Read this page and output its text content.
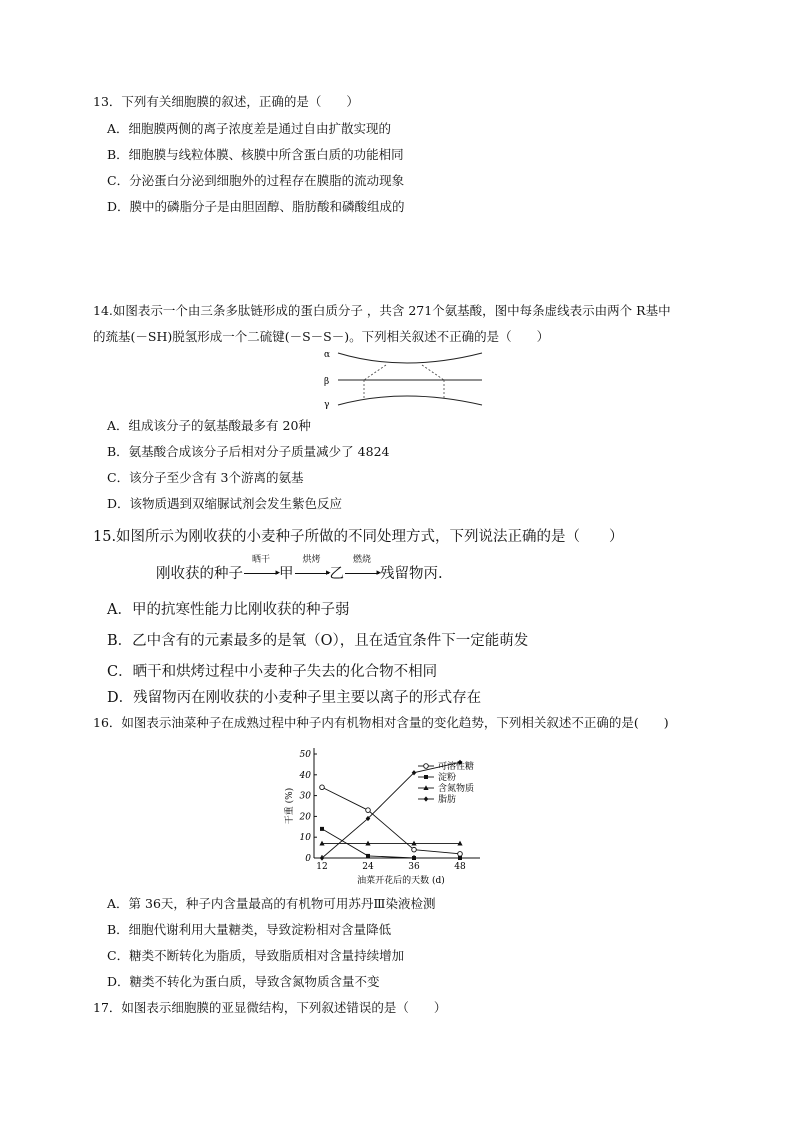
13．下列有关细胞膜的叙述，正确的是（　　）
A．细胞膜两侧的离子浓度差是通过自由扩散实现的
B．细胞膜与线粒体膜、核膜中所含蛋白质的功能相同
C．分泌蛋白分泌到细胞外的过程存在膜脂的流动现象
D．膜中的磷脂分子是由胆固醇、脂肪酸和磷酸组成的
14.如图表示一个由三条多肽链形成的蛋白质分子 ，共含 271个氨基酸，图中每条虚线表示由两个 R基中
的巯基(－SH)脱氢形成一个二硫键(－S－S－)。下列相关叙述不正确的是（　　）
α
β
γ
A．组成该分子的氨基酸最多有 20种
B．氨基酸合成该分子后相对分子质量减少了 4824
C．该分子至少含有 3个游离的氨基
D．该物质遇到双缩脲试剂会发生紫色反应
15.如图所示为刚收获的小麦种子所做的不同处理方式，下列说法正确的是（　　）
刚收获的种子
晒干
▸ 甲
烘烤
▸ 乙
燃烧
▸ 残留物丙.
A．甲的抗寒性能力比刚收获的种子弱
B．乙中含有的元素最多的是氧（O），且在适宜条件下一定能萌发
C．晒干和烘烤过程中小麦种子失去的化合物不相同
D．残留物丙在刚收获的小麦种子里主要以离子的形式存在
16．如图表示油菜种子在成熟过程中种子内有机物相对含量的变化趋势，下列相关叙述不正确的是(　　)
0
10
20
30
40
50
12	24	36	48
油菜开花后的天数 (d)
干重 (%)
可溶性糖
淀粉
含氮物质
脂肪
A．第 36天，种子内含量最高的有机物可用苏丹Ⅲ染液检测
B．细胞代谢利用大量糖类，导致淀粉相对含量降低
C．糖类不断转化为脂质，导致脂质相对含量持续增加
D．糖类不转化为蛋白质，导致含氮物质含量不变
17．如图表示细胞膜的亚显微结构，下列叙述错误的是（　　）
